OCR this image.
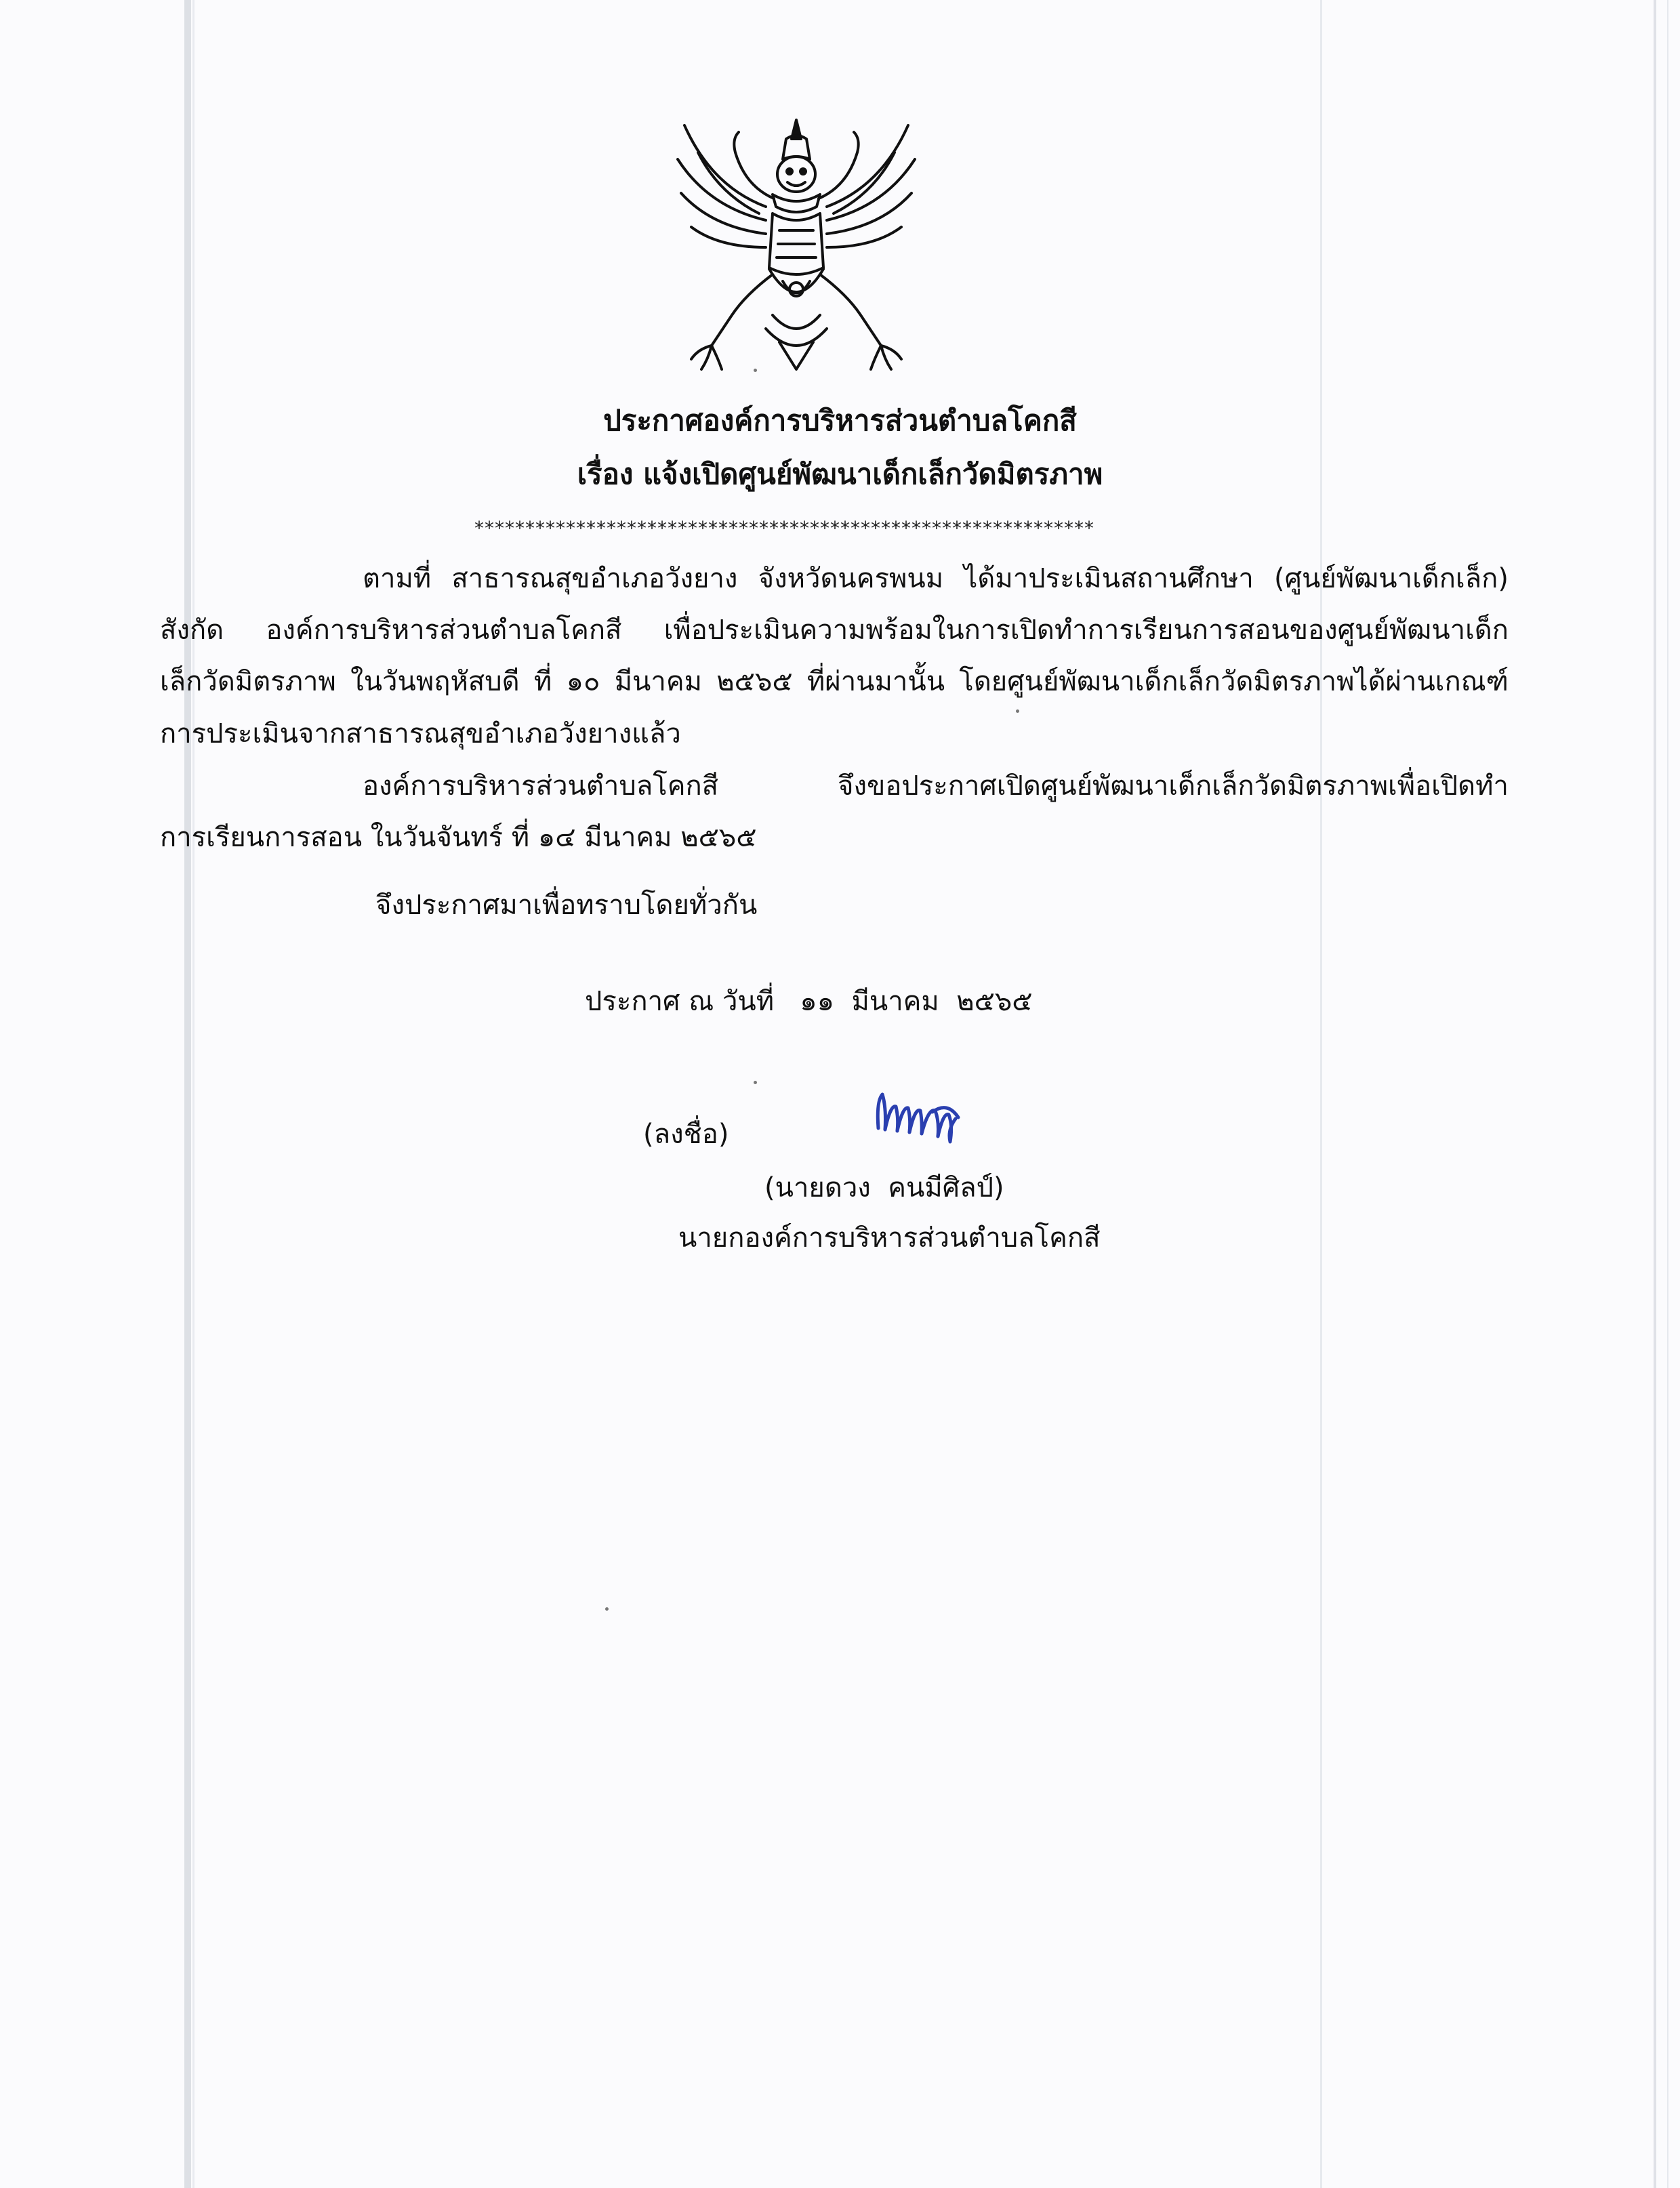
ประกาศองค์การบริหารส่วนตำบลโคกสี
เรื่อง แจ้งเปิดศูนย์พัฒนาเด็กเล็กวัดมิตรภาพ
*************************************************************
ตามที่ สาธารณสุขอำเภอวังยาง จังหวัดนครพนม ได้มาประเมินสถานศึกษา (ศูนย์พัฒนาเด็กเล็ก)
สังกัด องค์การบริหารส่วนตำบลโคกสี เพื่อประเมินความพร้อมในการเปิดทำการเรียนการสอนของศูนย์พัฒนาเด็ก
เล็กวัดมิตรภาพ ในวันพฤหัสบดี ที่ ๑๐ มีนาคม ๒๕๖๕ ที่ผ่านมานั้น โดยศูนย์พัฒนาเด็กเล็กวัดมิตรภาพได้ผ่านเกณฑ์
การประเมินจากสาธารณสุขอำเภอวังยางแล้ว
องค์การบริหารส่วนตำบลโคกสี จึงขอประกาศเปิดศูนย์พัฒนาเด็กเล็กวัดมิตรภาพเพื่อเปิดทำ
การเรียนการสอน ในวันจันทร์ ที่ ๑๔ มีนาคม ๒๕๖๕
จึงประกาศมาเพื่อทราบโดยทั่วกัน
ประกาศ ณ วันที่   ๑๑  มีนาคม  ๒๕๖๕
(ลงชื่อ)
(นายดวง  คนมีศิลป์)
นายกองค์การบริหารส่วนตำบลโคกสี
